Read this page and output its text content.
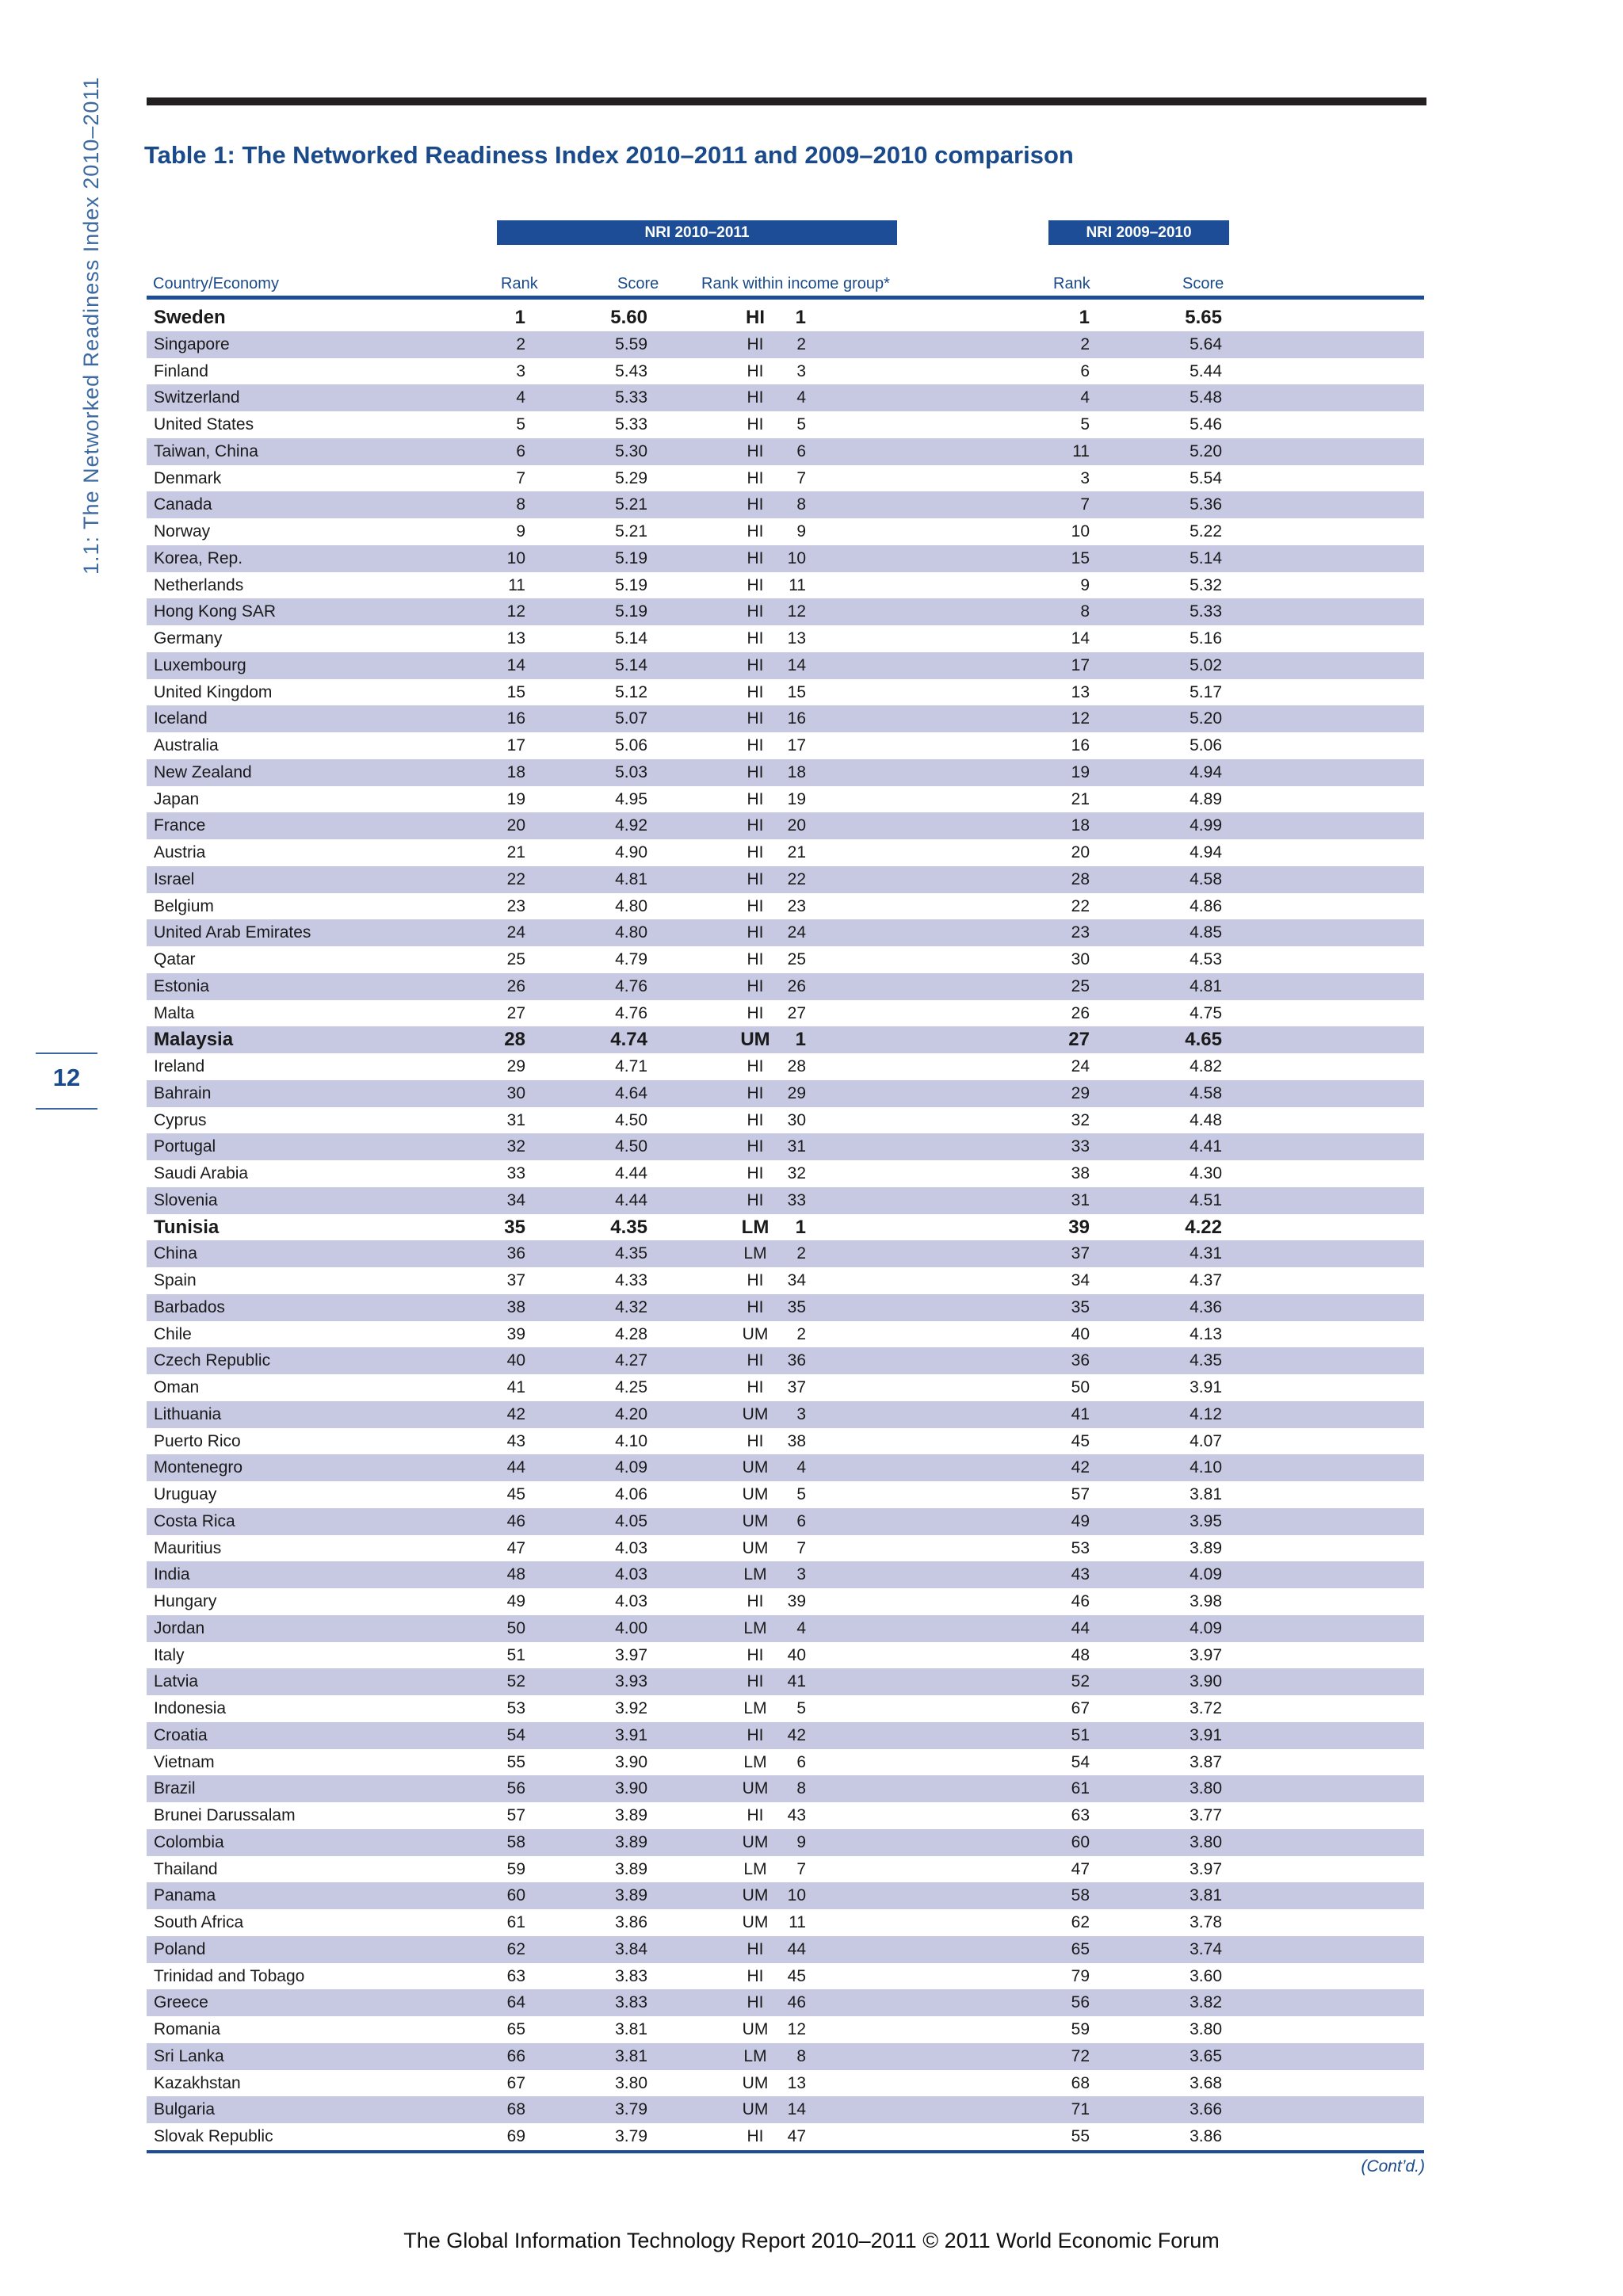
1.1: The Networked Readiness Index 2010–2011
12
Table 1: The Networked Readiness Index 2010–2011 and 2009–2010 comparison
NRI 2010–2011	NRI 2009–2010
Country/Economy	Rank	Score	Rank within income group*	Rank	Score
Sweden	1	5.60	HI	1	1	5.65
Singapore	2	5.59	HI	2	2	5.64
Finland	3	5.43	HI	3	6	5.44
Switzerland	4	5.33	HI	4	4	5.48
United States	5	5.33	HI	5	5	5.46
Taiwan, China	6	5.30	HI	6	11	5.20
Denmark	7	5.29	HI	7	3	5.54
Canada	8	5.21	HI	8	7	5.36
Norway	9	5.21	HI	9	10	5.22
Korea, Rep.	10	5.19	HI	10	15	5.14
Netherlands	11	5.19	HI	11	9	5.32
Hong Kong SAR	12	5.19	HI	12	8	5.33
Germany	13	5.14	HI	13	14	5.16
Luxembourg	14	5.14	HI	14	17	5.02
United Kingdom	15	5.12	HI	15	13	5.17
Iceland	16	5.07	HI	16	12	5.20
Australia	17	5.06	HI	17	16	5.06
New Zealand	18	5.03	HI	18	19	4.94
Japan	19	4.95	HI	19	21	4.89
France	20	4.92	HI	20	18	4.99
Austria	21	4.90	HI	21	20	4.94
Israel	22	4.81	HI	22	28	4.58
Belgium	23	4.80	HI	23	22	4.86
United Arab Emirates	24	4.80	HI	24	23	4.85
Qatar	25	4.79	HI	25	30	4.53
Estonia	26	4.76	HI	26	25	4.81
Malta	27	4.76	HI	27	26	4.75
Malaysia	28	4.74	UM	1	27	4.65
Ireland	29	4.71	HI	28	24	4.82
Bahrain	30	4.64	HI	29	29	4.58
Cyprus	31	4.50	HI	30	32	4.48
Portugal	32	4.50	HI	31	33	4.41
Saudi Arabia	33	4.44	HI	32	38	4.30
Slovenia	34	4.44	HI	33	31	4.51
Tunisia	35	4.35	LM	1	39	4.22
China	36	4.35	LM	2	37	4.31
Spain	37	4.33	HI	34	34	4.37
Barbados	38	4.32	HI	35	35	4.36
Chile	39	4.28	UM	2	40	4.13
Czech Republic	40	4.27	HI	36	36	4.35
Oman	41	4.25	HI	37	50	3.91
Lithuania	42	4.20	UM	3	41	4.12
Puerto Rico	43	4.10	HI	38	45	4.07
Montenegro	44	4.09	UM	4	42	4.10
Uruguay	45	4.06	UM	5	57	3.81
Costa Rica	46	4.05	UM	6	49	3.95
Mauritius	47	4.03	UM	7	53	3.89
India	48	4.03	LM	3	43	4.09
Hungary	49	4.03	HI	39	46	3.98
Jordan	50	4.00	LM	4	44	4.09
Italy	51	3.97	HI	40	48	3.97
Latvia	52	3.93	HI	41	52	3.90
Indonesia	53	3.92	LM	5	67	3.72
Croatia	54	3.91	HI	42	51	3.91
Vietnam	55	3.90	LM	6	54	3.87
Brazil	56	3.90	UM	8	61	3.80
Brunei Darussalam	57	3.89	HI	43	63	3.77
Colombia	58	3.89	UM	9	60	3.80
Thailand	59	3.89	LM	7	47	3.97
Panama	60	3.89	UM	10	58	3.81
South Africa	61	3.86	UM	11	62	3.78
Poland	62	3.84	HI	44	65	3.74
Trinidad and Tobago	63	3.83	HI	45	79	3.60
Greece	64	3.83	HI	46	56	3.82
Romania	65	3.81	UM	12	59	3.80
Sri Lanka	66	3.81	LM	8	72	3.65
Kazakhstan	67	3.80	UM	13	68	3.68
Bulgaria	68	3.79	UM	14	71	3.66
Slovak Republic	69	3.79	HI	47	55	3.86
(Cont’d.)
The Global Information Technology Report 2010–2011 © 2011 World Economic Forum
